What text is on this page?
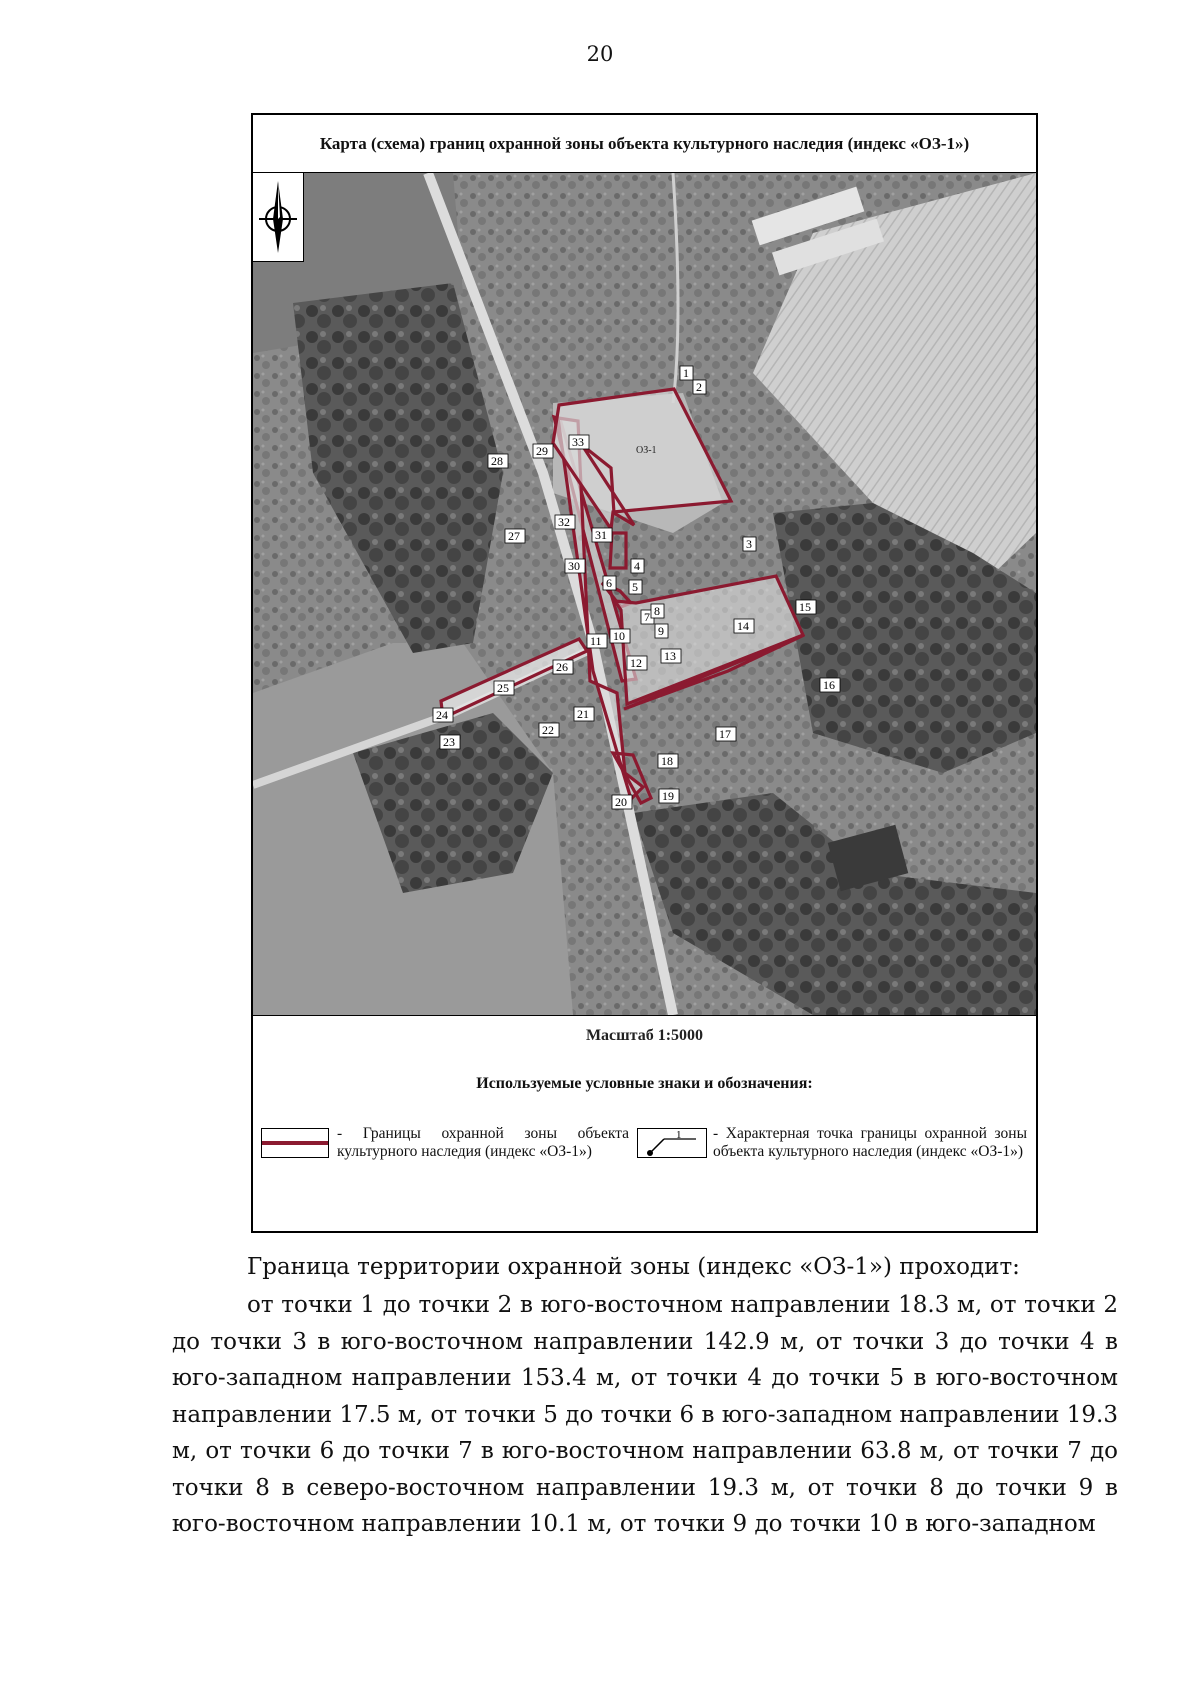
20
Карта (схема) границ охранной зоны объекта культурного наследия (индекс «ОЗ-1»)
ОЗ-1
1
2
3
4
5
6
7 8
9
10
11
12 13
14
15
16
17
18
19
20
21
22
23
24
25
26
27
28
29
30
31
32
33
Масштаб 1:5000
Используемые условные знаки и обозначения:
- Границы охранной зоны объекта культурного наследия (индекс «ОЗ-1»)
1 - Характерная точка границы охранной зоны объекта культурного наследия (индекс «ОЗ-1»)
Граница территории охранной зоны (индекс «ОЗ-1») проходит:
от точки 1 до точки 2 в юго-восточном направлении 18.3 м, от точки 2 до точки 3 в юго-восточном направлении 142.9 м, от точки 3 до точки 4 в юго-западном направлении 153.4 м, от точки 4 до точки 5 в юго-восточном направлении 17.5 м, от точки 5 до точки 6 в юго-западном направлении 19.3 м, от точки 6 до точки 7 в юго-восточном направлении 63.8 м, от точки 7 до точки 8 в северо-восточном направлении 19.3 м, от точки 8 до точки 9 в юго-восточном направлении 10.1 м, от точки 9 до точки 10 в юго-западном
